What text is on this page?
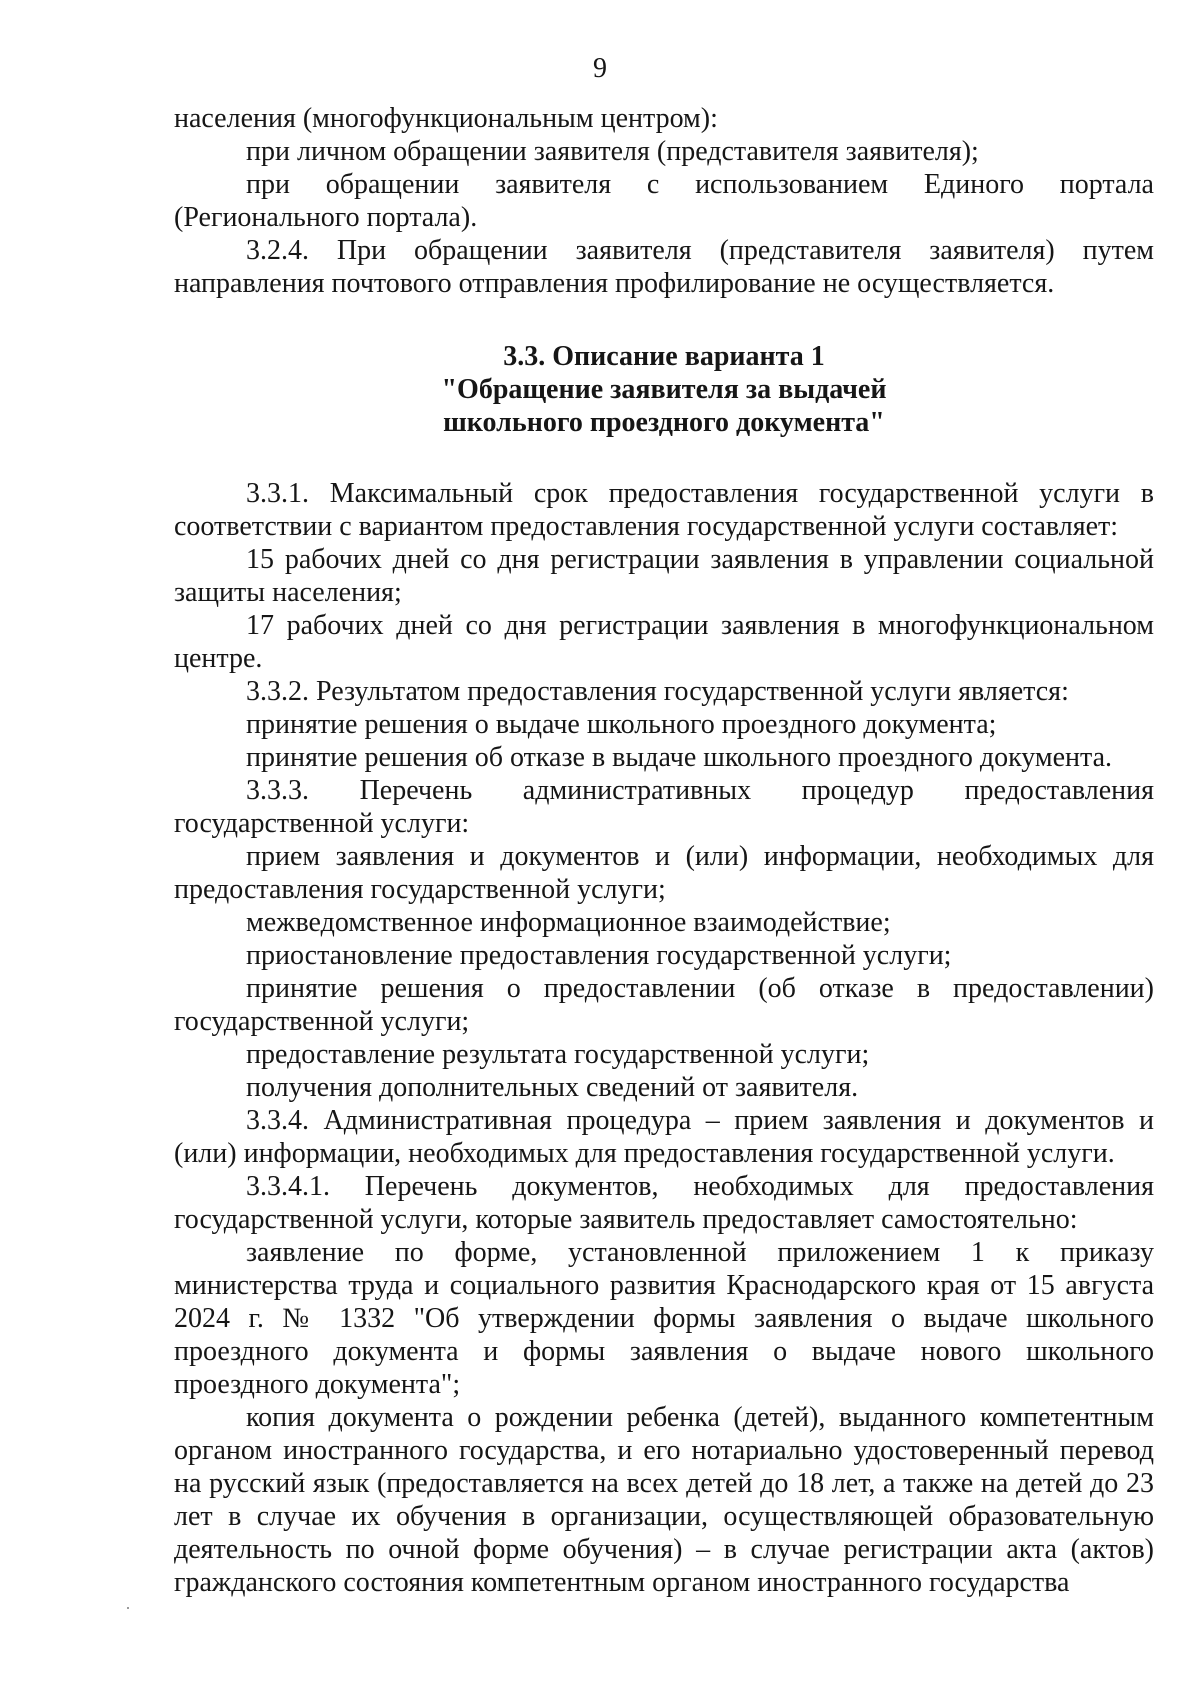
9

населения (многофункциональным центром):

при личном обращении заявителя (представителя заявителя);

при обращении заявителя с использованием Единого портала (Регионального портала).

3.2.4. При обращении заявителя (представителя заявителя) путем направления почтового отправления профилирование не осуществляется.

3.3. Описание варианта 1
"Обращение заявителя за выдачей
школьного проездного документа"

3.3.1. Максимальный срок предоставления государственной услуги в соответствии с вариантом предоставления государственной услуги составляет:

15 рабочих дней со дня регистрации заявления в управлении социальной защиты населения;

17 рабочих дней со дня регистрации заявления в многофункциональном центре.

3.3.2. Результатом предоставления государственной услуги является:

принятие решения о выдаче школьного проездного документа;

принятие решения об отказе в выдаче школьного проездного документа.

3.3.3. Перечень административных процедур предоставления государственной услуги:

прием заявления и документов и (или) информации, необходимых для предоставления государственной услуги;

межведомственное информационное взаимодействие;

приостановление предоставления государственной услуги;

принятие решения о предоставлении (об отказе в предоставлении) государственной услуги;

предоставление результата государственной услуги;

получения дополнительных сведений от заявителя.

3.3.4. Административная процедура – прием заявления и документов и (или) информации, необходимых для предоставления государственной услуги.

3.3.4.1. Перечень документов, необходимых для предоставления государственной услуги, которые заявитель предоставляет самостоятельно:

заявление по форме, установленной приложением 1 к приказу министерства труда и социального развития Краснодарского края от 15 августа 2024 г. № 1332 "Об утверждении формы заявления о выдаче школьного проездного документа и формы заявления о выдаче нового школьного проездного документа";

копия документа о рождении ребенка (детей), выданного компетентным органом иностранного государства, и его нотариально удостоверенный перевод на русский язык (предоставляется на всех детей до 18 лет, а также на детей до 23 лет в случае их обучения в организации, осуществляющей образовательную деятельность по очной форме обучения) – в случае регистрации акта (актов) гражданского состояния компетентным органом иностранного государства
